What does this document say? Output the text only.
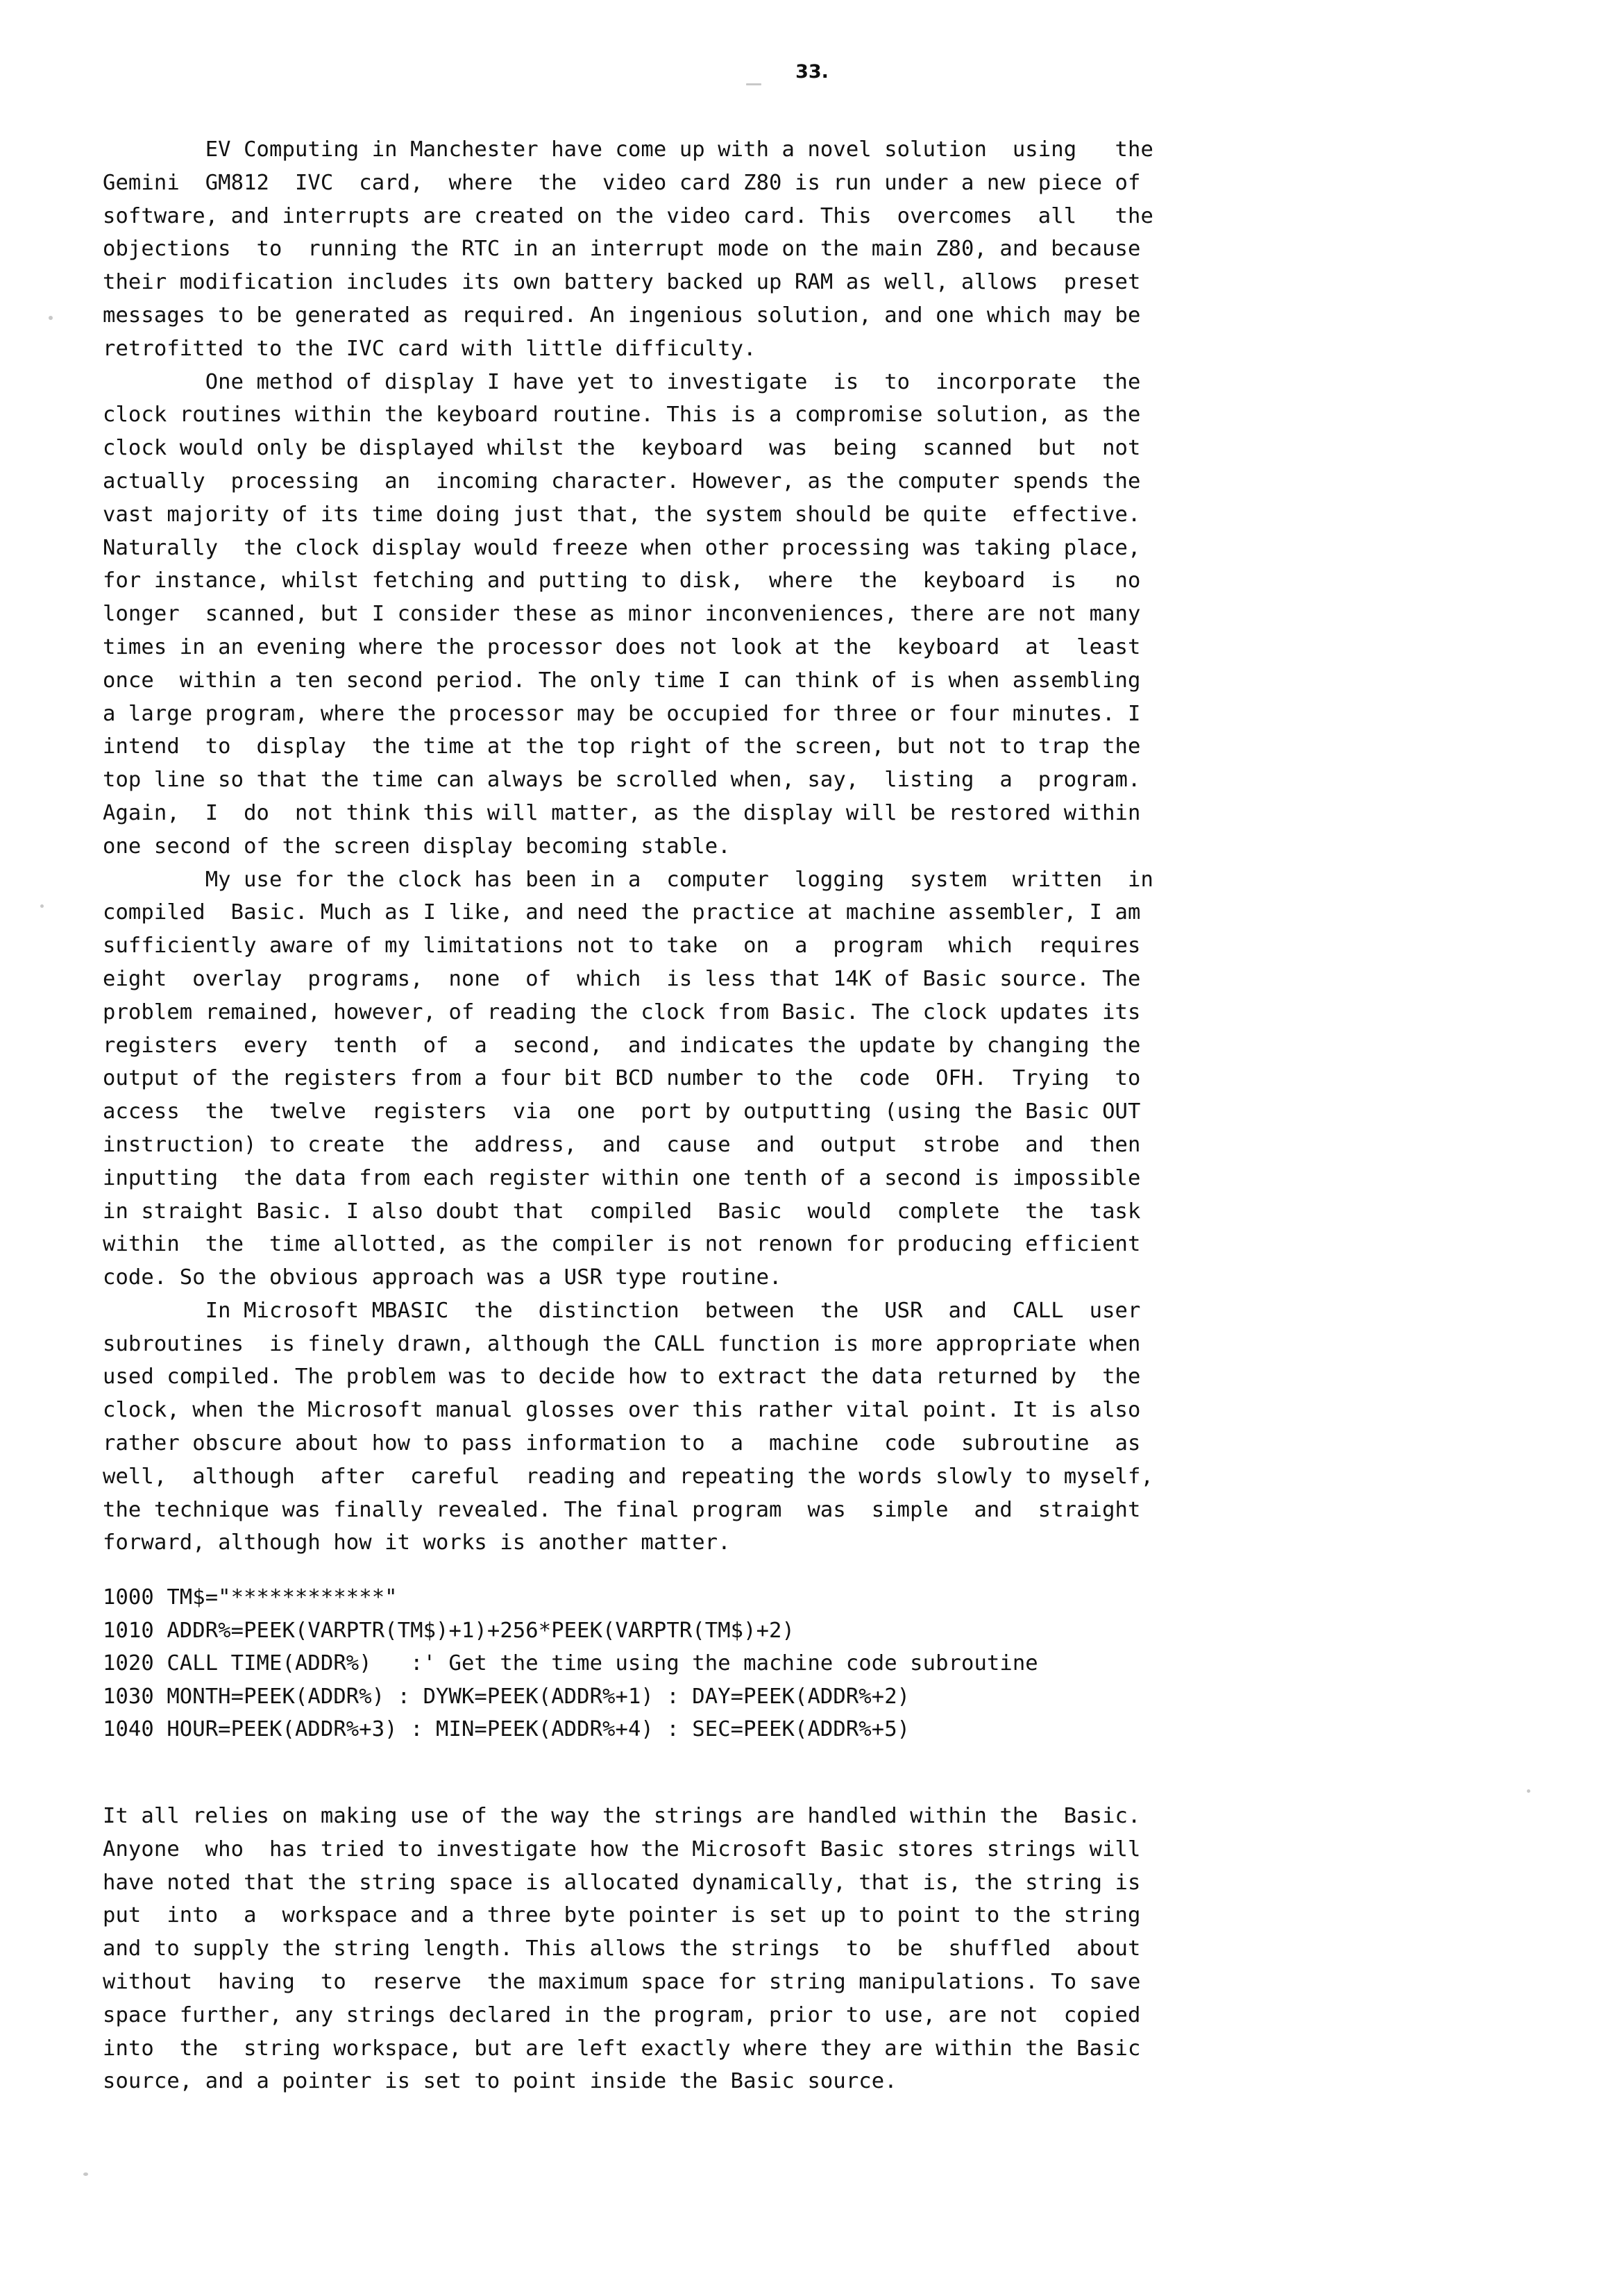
33.
EV Computing in Manchester have come up with a novel solution  using   the
Gemini  GM812  IVC  card,  where  the  video card Z80 is run under a new piece of
software, and interrupts are created on the video card. This  overcomes  all   the
objections  to  running the RTC in an interrupt mode on the main Z80, and because
their modification includes its own battery backed up RAM as well, allows  preset
messages to be generated as required. An ingenious solution, and one which may be
retrofitted to the IVC card with little difficulty.
One method of display I have yet to investigate  is  to  incorporate  the
clock routines within the keyboard routine. This is a compromise solution, as the
clock would only be displayed whilst the  keyboard  was  being  scanned  but  not
actually  processing  an  incoming character. However, as the computer spends the
vast majority of its time doing just that, the system should be quite  effective.
Naturally  the clock display would freeze when other processing was taking place,
for instance, whilst fetching and putting to disk,  where  the  keyboard  is   no
longer  scanned, but I consider these as minor inconveniences, there are not many
times in an evening where the processor does not look at the  keyboard  at  least
once  within a ten second period. The only time I can think of is when assembling
a large program, where the processor may be occupied for three or four minutes. I
intend  to  display  the time at the top right of the screen, but not to trap the
top line so that the time can always be scrolled when, say,  listing  a  program.
Again,  I  do  not think this will matter, as the display will be restored within
one second of the screen display becoming stable.
My use for the clock has been in a  computer  logging  system  written  in
compiled  Basic. Much as I like, and need the practice at machine assembler, I am
sufficiently aware of my limitations not to take  on  a  program  which  requires
eight  overlay  programs,  none  of  which  is less that 14K of Basic source. The
problem remained, however, of reading the clock from Basic. The clock updates its
registers  every  tenth  of  a  second,  and indicates the update by changing the
output of the registers from a four bit BCD number to the  code  OFH.  Trying  to
access  the  twelve  registers  via  one  port by outputting (using the Basic OUT
instruction) to create  the  address,  and  cause  and  output  strobe  and  then
inputting  the data from each register within one tenth of a second is impossible
in straight Basic. I also doubt that  compiled  Basic  would  complete  the  task
within  the  time allotted, as the compiler is not renown for producing efficient
code. So the obvious approach was a USR type routine.
In Microsoft MBASIC  the  distinction  between  the  USR  and  CALL  user
subroutines  is finely drawn, although the CALL function is more appropriate when
used compiled. The problem was to decide how to extract the data returned by  the
clock, when the Microsoft manual glosses over this rather vital point. It is also
rather obscure about how to pass information to  a  machine  code  subroutine  as
well,  although  after  careful  reading and repeating the words slowly to myself,
the technique was finally revealed. The final program  was  simple  and  straight
forward, although how it works is another matter.
1000 TM$="************"
1010 ADDR%=PEEK(VARPTR(TM$)+1)+256*PEEK(VARPTR(TM$)+2)
1020 CALL TIME(ADDR%)   :' Get the time using the machine code subroutine
1030 MONTH=PEEK(ADDR%) : DYWK=PEEK(ADDR%+1) : DAY=PEEK(ADDR%+2)
1040 HOUR=PEEK(ADDR%+3) : MIN=PEEK(ADDR%+4) : SEC=PEEK(ADDR%+5)
It all relies on making use of the way the strings are handled within the  Basic.
Anyone  who  has tried to investigate how the Microsoft Basic stores strings will
have noted that the string space is allocated dynamically, that is, the string is
put  into  a  workspace and a three byte pointer is set up to point to the string
and to supply the string length. This allows the strings  to  be  shuffled  about
without  having  to  reserve  the maximum space for string manipulations. To save
space further, any strings declared in the program, prior to use, are not  copied
into  the  string workspace, but are left exactly where they are within the Basic
source, and a pointer is set to point inside the Basic source.
